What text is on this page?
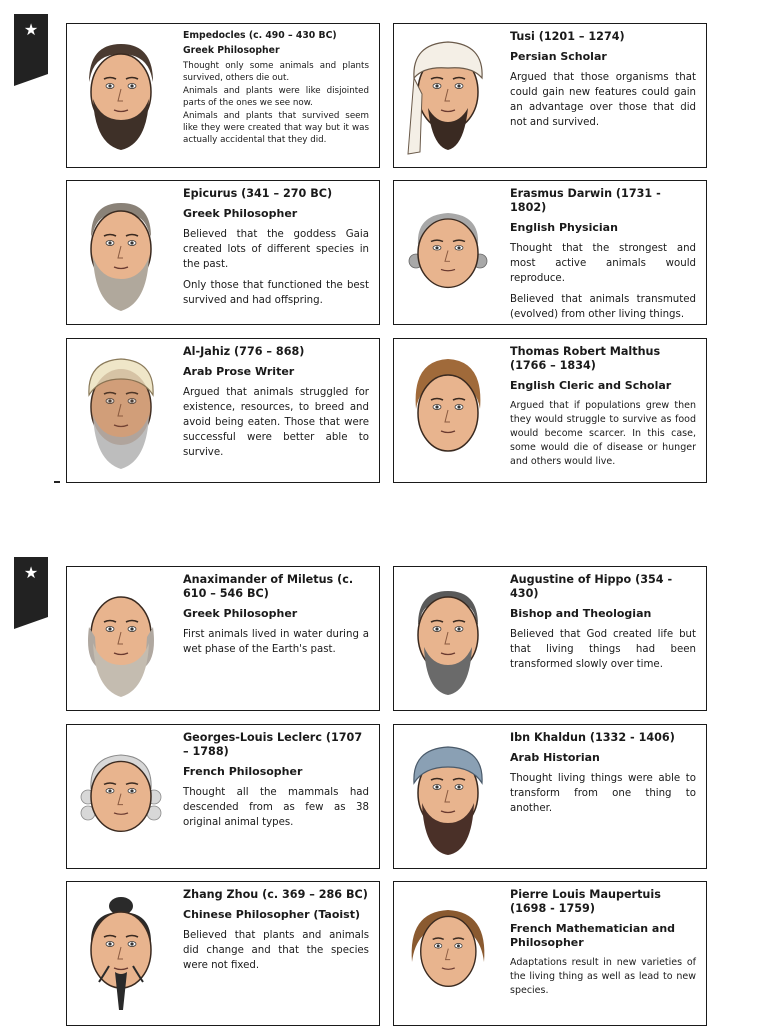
★
★

Empedocles (c. 490 – 430 BC)

Greek Philosopher

Thought only some animals and plants survived, others die out.

Animals and plants were like disjointed parts of the ones we see now.

Animals and plants that survived seem like they were created that way but it was actually accidental that they did.

Tusi (1201 – 1274)

Persian Scholar

Argued that those organisms that could gain new features could gain an advantage over those that did not and survived.

Epicurus (341 – 270 BC)

Greek Philosopher

Believed that the goddess Gaia created lots of different species in the past.

Only those that functioned the best survived and had offspring.

Erasmus Darwin (1731 - 1802)

English Physician

Thought that the strongest and most active animals would reproduce.

Believed that animals transmuted (evolved) from other living things.

Al-Jahiz (776 – 868)

Arab Prose Writer

Argued that animals struggled for existence, resources, to breed and avoid being eaten. Those that were successful were better able to survive.

Thomas Robert Malthus (1766 – 1834)

English Cleric and Scholar

Argued that if populations grew then they would struggle to survive as food would become scarcer. In this case, some would die of disease or hunger and others would live.

Anaximander of Miletus (c. 610 – 546 BC)

Greek Philosopher

First animals lived in water during a wet phase of the Earth's past.

Augustine of Hippo (354 - 430)

Bishop and Theologian

Believed that God created life but that living things had been transformed slowly over time.

Georges-Louis Leclerc (1707 – 1788)

French Philosopher

Thought all the mammals had descended from as few as 38 original animal types.

Ibn Khaldun (1332 - 1406)

Arab Historian

Thought living things were able to transform from one thing to another.

Zhang Zhou (c. 369 – 286 BC)

Chinese Philosopher (Taoist)

Believed that plants and animals did change and that the species were not fixed.

Pierre Louis Maupertuis (1698 - 1759)

French Mathematician and Philosopher

Adaptations result in new varieties of the living thing as well as lead to new species.
